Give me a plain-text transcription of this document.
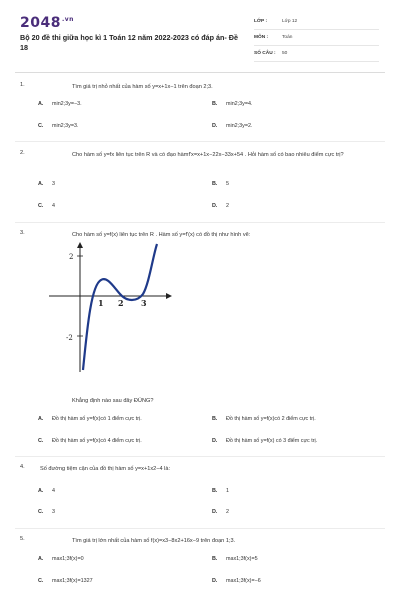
$2048^{.vn}$
Bộ 20 đề thi giữa học kì 1 Toán 12 năm 2022-2023 có đáp án- Đề 18
LỚP :	Lớp 12
MÔN :	Toán
SỐ CÂU :	50
1.	Tìm giá trị nhỏ nhất của hàm số y=x+1x−1 trên đoạn 2;3.
A. min2;3y=−3.	B. min2;3y=4.
C. min2;3y=3.	D. min2;3y=2.
2.	Cho hàm số y=fx liên tục trên R và có đạo hàmf'x=x+1x−22x−33x+54 . Hỏi hàm số có bao nhiêu điểm cực trị?
A. 3	B. 5
C. 4	D. 2
3.	Cho hàm số y=f(x) liên tục trên R . Hàm số y=f'(x) có đồ thị như hình vẽ:
2
-2
1 2 3
Khẳng định nào sau đây ĐÚNG?
A. Đồ thị hàm số y=f(x)có 1 điểm cực trị.	B. Đồ thị hàm số y=f(x)có 2 điểm cực trị.
C. Đồ thị hàm số y=f(x)có 4 điểm cực trị.	D. Đồ thị hàm số y=f(x) có 3 điểm cực trị.
4.	Số đường tiệm cận của đồ thị hàm số y=x+1x2−4 là:
A. 4	B. 1
C. 3	D. 2
5.	Tìm giá trị lớn nhất của hàm số f(x)=x3−8x2+16x−9 trên đoạn 1;3.
A. max1;3f(x)=0	B. max1;3f(x)=5
C. max1;3f(x)=1327	D. max1;3f(x)=−6
